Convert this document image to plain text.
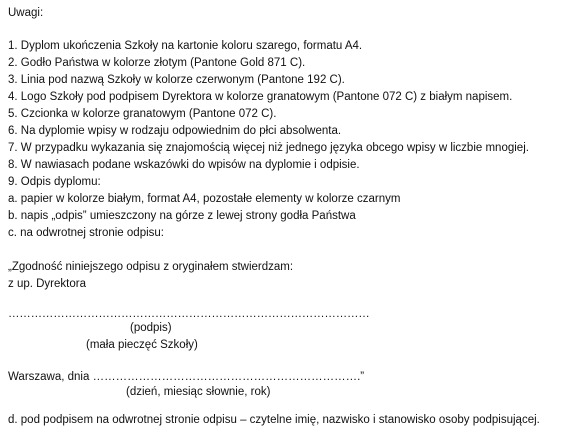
Uwagi:
1. Dyplom ukończenia Szkoły na kartonie koloru szarego, formatu A4.
2. Godło Państwa w kolorze złotym (Pantone Gold 871 C).
3. Linia pod nazwą Szkoły w kolorze czerwonym (Pantone 192 C).
4. Logo Szkoły pod podpisem Dyrektora w kolorze granatowym (Pantone 072 C) z białym napisem.
5. Czcionka w kolorze granatowym (Pantone 072 C).
6. Na dyplomie wpisy w rodzaju odpowiednim do płci absolwenta.
7. W przypadku wykazania się znajomością więcej niż jednego języka obcego wpisy w liczbie mnogiej.
8. W nawiasach podane wskazówki do wpisów na dyplomie i odpisie.
9. Odpis dyplomu:
a. papier w kolorze białym, format A4, pozostałe elementy w kolorze czarnym
b. napis „odpis” umieszczony na górze z lewej strony godła Państwa
c. na odwrotnej stronie odpisu:
„Zgodność niniejszego odpisu z oryginałem stwierdzam:
z up. Dyrektora
……………………………………………………………………………………
(podpis)
(mała pieczęć Szkoły)
Warszawa, dnia …………………………………………………………….”
(dzień, miesiąc słownie, rok)
d. pod podpisem na odwrotnej stronie odpisu – czytelne imię, nazwisko i stanowisko osoby podpisującej.
